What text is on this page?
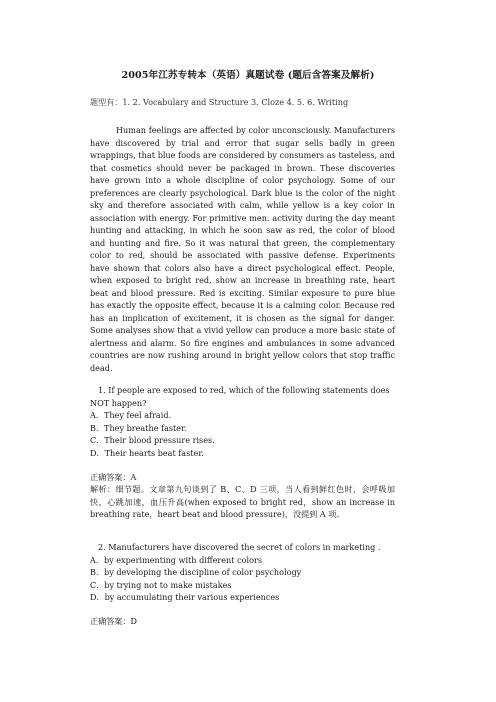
2005年江苏专转本（英语）真题试卷 (题后含答案及解析)
题型有：1. 2. Vocabulary and Structure 3. Cloze 4. 5. 6. Writing

Human feelings are affected by color unconsciously. Manufacturers have discovered by trial and error that sugar sells badly in green wrappings, that blue foods are considered by consumers as tasteless, and that cosmetics should never be packaged in brown. These discoveries have grown into a whole discipline of color psychology. Some of our preferences are clearly psychological. Dark blue is the color of the night sky and therefore associated with calm, while yellow is a key color in association with energy. For primitive men. activity during the day meant hunting and attacking, in which he soon saw as red, the color of blood and hunting and fire. So it was natural that green, the complementary color to red, should be associated with passive defense. Experiments have shown that colors also have a direct psychological effect. People, when exposed to bright red, show an increase in breathing rate, heart beat and blood pressure. Red is exciting. Similar exposure to pure blue has exactly the opposite effect, because it is a calming color. Because red has an implication of excitement, it is chosen as the signal for danger. Some analyses show that a vivid yellow can produce a more basic state of alertness and alarm. So fire engines and ambulances in some advanced countries are now rushing around in bright yellow colors that stop traffic dead.

1. If people are exposed to red, which of the following statements does NOT happen?

A．They feel afraid.

B．They breathe faster.

C．Their blood pressure rises.

D．Their hearts beat faster.

正确答案：A

解析：细节题。文章第九句谈到了 B、C、D 三项，当人看到鲜红色时，会呼吸加快，心跳加速，血压升高(when exposed to bright red，show an increase in breathing rate，heart beat and blood pressure)，没提到 A 项。

2. Manufacturers have discovered the secret of colors in marketing .

A．by experimenting with different colors

B．by developing the discipline of color psychology

C．by trying not to make mistakes

D．by accumulating their various experiences

正确答案：D
